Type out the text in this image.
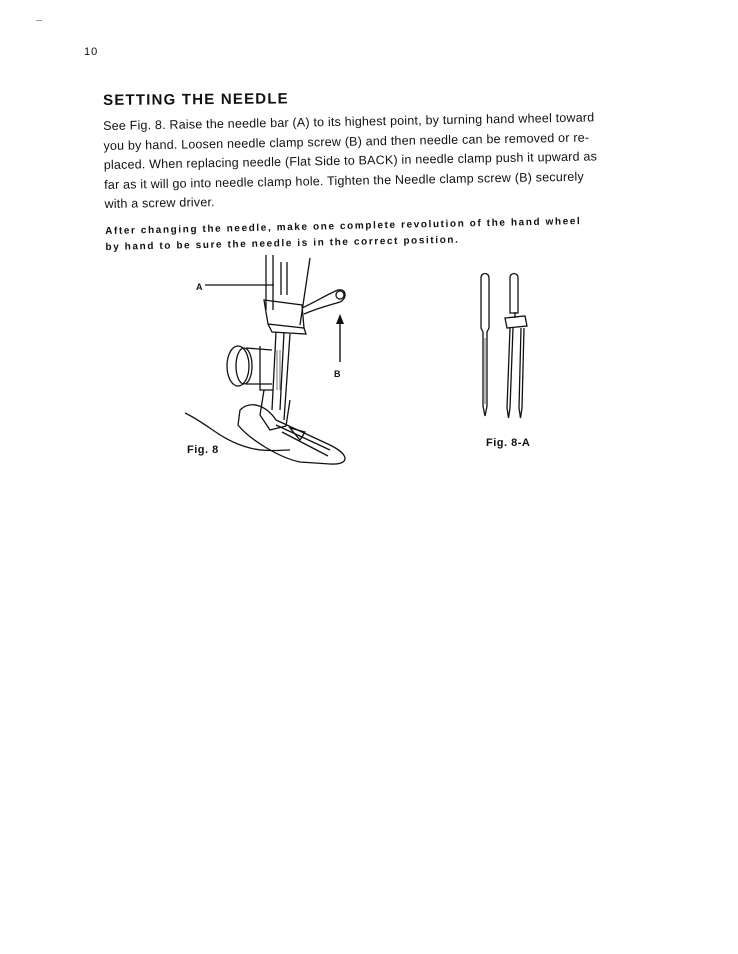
10
SETTING THE NEEDLE

See Fig. 8. Raise the needle bar (A) to its highest point, by turning hand wheel toward
you by hand. Loosen needle clamp screw (B) and then needle can be removed or re-
placed. When replacing needle (Flat Side to BACK) in needle clamp push it upward as
far as it will go into needle clamp hole. Tighten the Needle clamp screw (B) securely
with a screw driver.

After changing the needle, make one complete revolution of the hand wheel
by hand to be sure the needle is in the correct position.

A
B
Fig. 8
Fig. 8-A
